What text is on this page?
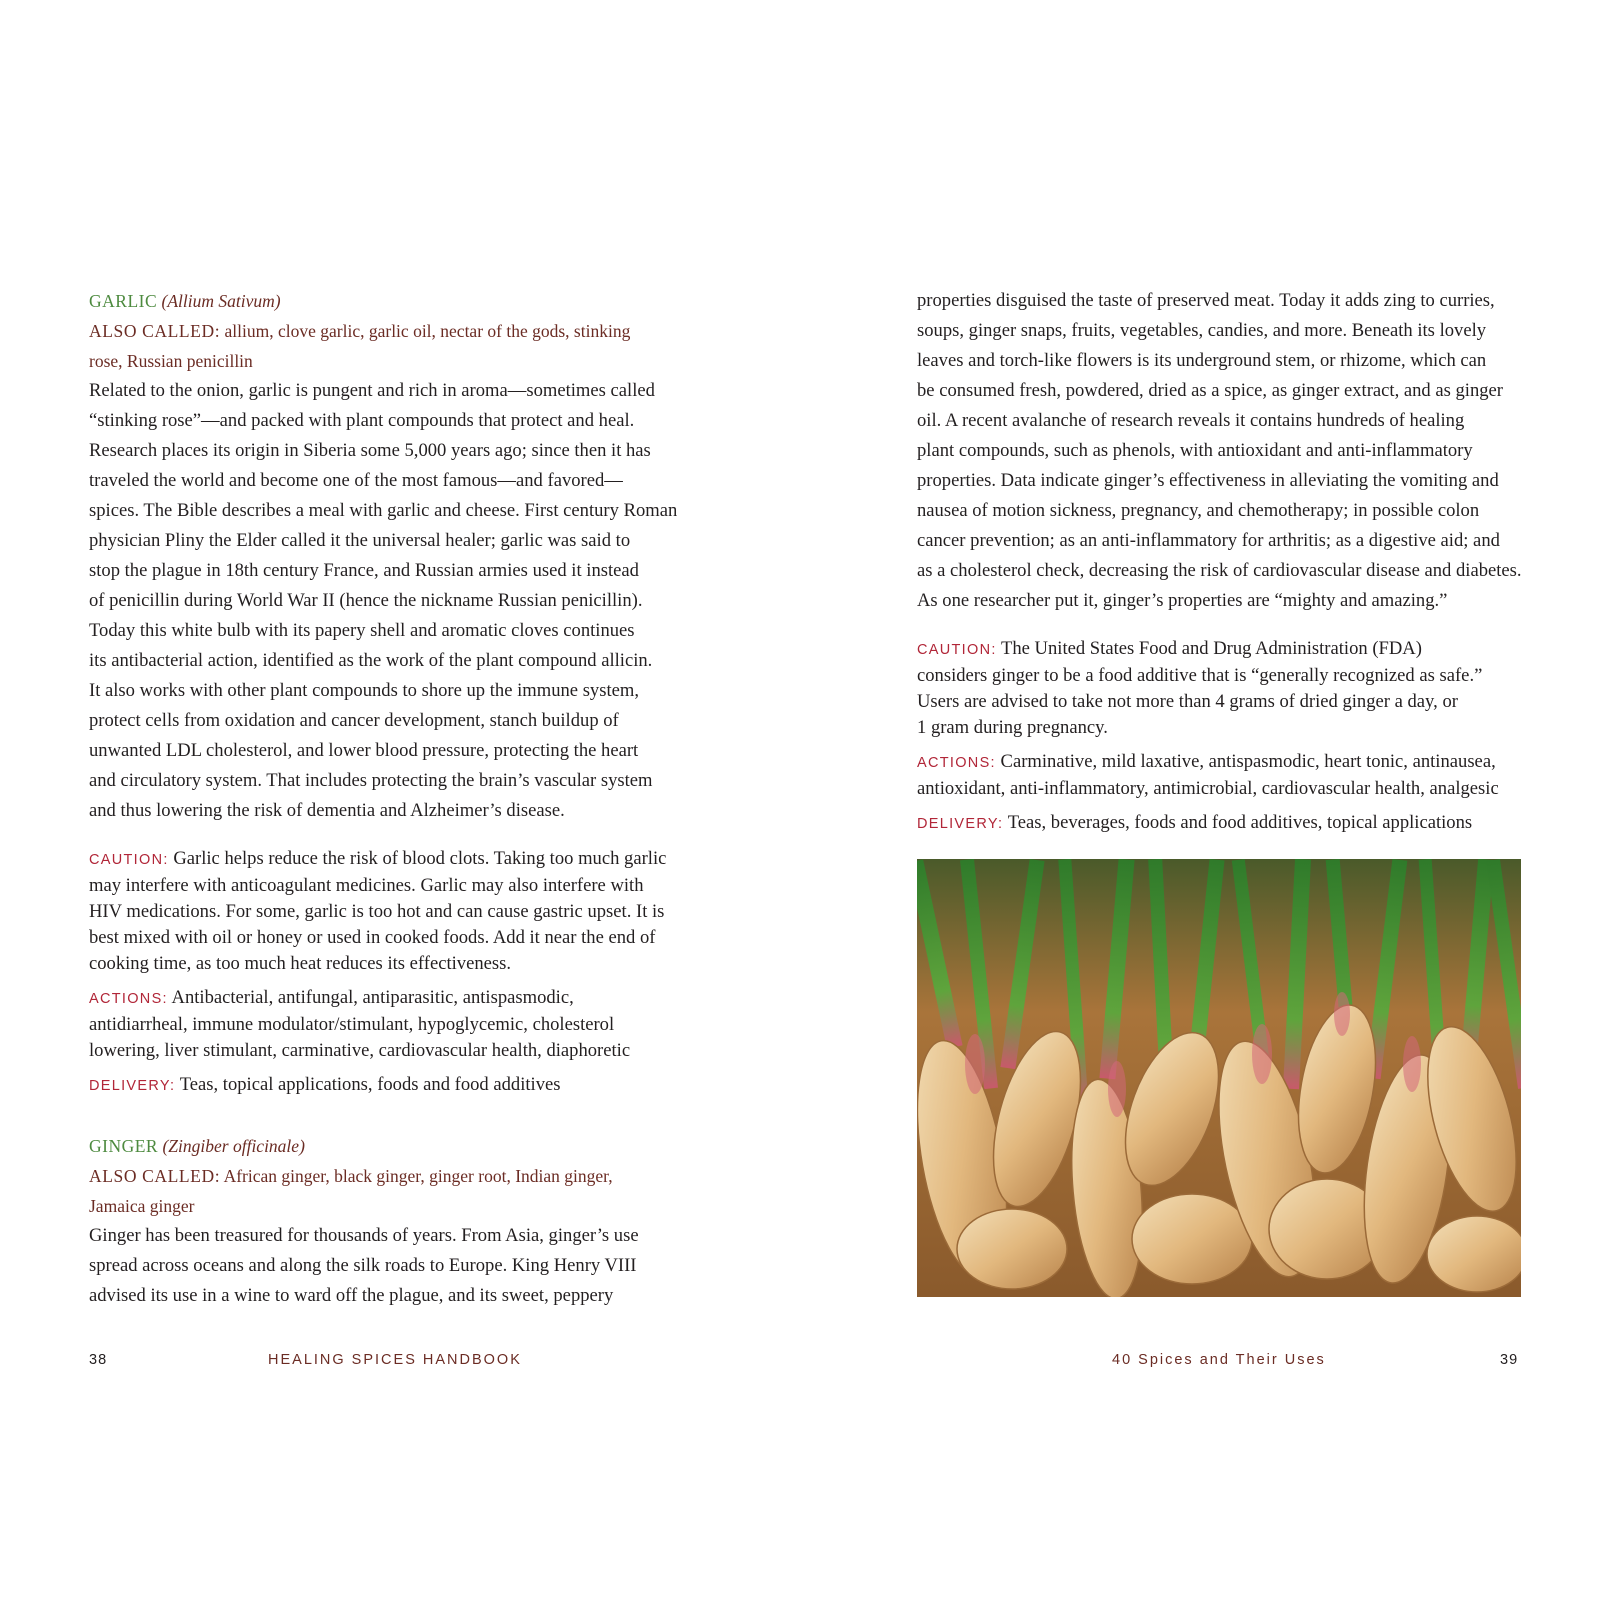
GARLIC (Allium Sativum)
ALSO CALLED: allium, clove garlic, garlic oil, nectar of the gods, stinking
rose, Russian penicillin

Related to the onion, garlic is pungent and rich in aroma—sometimes called
“stinking rose”—and packed with plant compounds that protect and heal.
Research places its origin in Siberia some 5,000 years ago; since then it has
traveled the world and become one of the most famous—and favored—
spices. The Bible describes a meal with garlic and cheese. First century Roman
physician Pliny the Elder called it the universal healer; garlic was said to
stop the plague in 18th century France, and Russian armies used it instead
of penicillin during World War II (hence the nickname Russian penicillin).
Today this white bulb with its papery shell and aromatic cloves continues
its antibacterial action, identified as the work of the plant compound allicin.
It also works with other plant compounds to shore up the immune system,
protect cells from oxidation and cancer development, stanch buildup of
unwanted LDL cholesterol, and lower blood pressure, protecting the heart
and circulatory system. That includes protecting the brain’s vascular system
and thus lowering the risk of dementia and Alzheimer’s disease.

CAUTION: Garlic helps reduce the risk of blood clots. Taking too much garlic
may interfere with anticoagulant medicines. Garlic may also interfere with
HIV medications. For some, garlic is too hot and can cause gastric upset. It is
best mixed with oil or honey or used in cooked foods. Add it near the end of
cooking time, as too much heat reduces its effectiveness.

ACTIONS: Antibacterial, antifungal, antiparasitic, antispasmodic,
antidiarrheal, immune modulator/stimulant, hypoglycemic, cholesterol
lowering, liver stimulant, carminative, cardiovascular health, diaphoretic

DELIVERY: Teas, topical applications, foods and food additives

GINGER (Zingiber officinale)
ALSO CALLED: African ginger, black ginger, ginger root, Indian ginger,
Jamaica ginger

Ginger has been treasured for thousands of years. From Asia, ginger’s use
spread across oceans and along the silk roads to Europe. King Henry VIII
advised its use in a wine to ward off the plague, and its sweet, peppery

properties disguised the taste of preserved meat. Today it adds zing to curries,
soups, ginger snaps, fruits, vegetables, candies, and more. Beneath its lovely
leaves and torch-like flowers is its underground stem, or rhizome, which can
be consumed fresh, powdered, dried as a spice, as ginger extract, and as ginger
oil. A recent avalanche of research reveals it contains hundreds of healing
plant compounds, such as phenols, with antioxidant and anti-inflammatory
properties. Data indicate ginger’s effectiveness in alleviating the vomiting and
nausea of motion sickness, pregnancy, and chemotherapy; in possible colon
cancer prevention; as an anti-inflammatory for arthritis; as a digestive aid; and
as a cholesterol check, decreasing the risk of cardiovascular disease and diabetes.
As one researcher put it, ginger’s properties are “mighty and amazing.”

CAUTION: The United States Food and Drug Administration (FDA)
considers ginger to be a food additive that is “generally recognized as safe.”
Users are advised to take not more than 4 grams of dried ginger a day, or
1 gram during pregnancy.

ACTIONS: Carminative, mild laxative, antispasmodic, heart tonic, antinausea,
antioxidant, anti-inflammatory, antimicrobial, cardiovascular health, analgesic

DELIVERY: Teas, beverages, foods and food additives, topical applications

38	HEALING SPICES HANDBOOK	40 Spices and Their Uses	39
